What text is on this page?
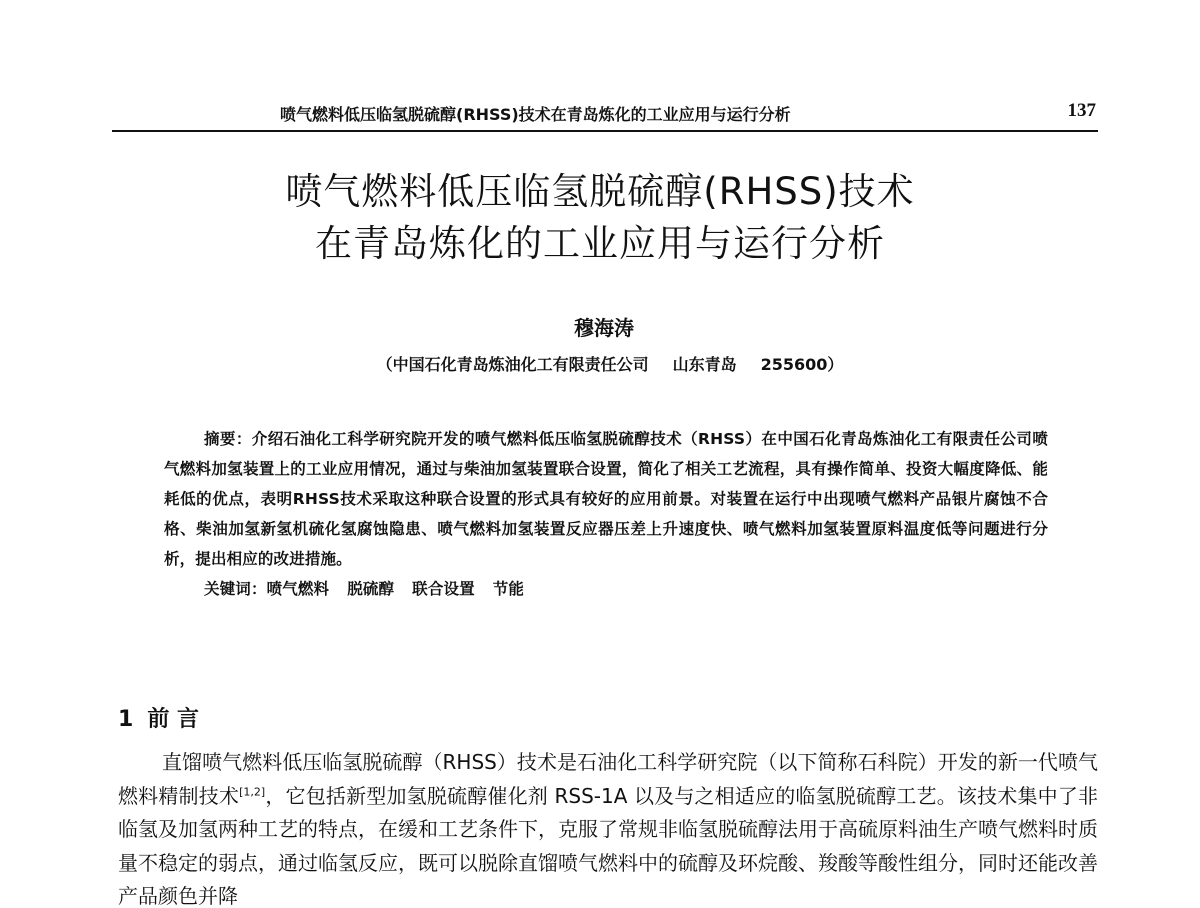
喷气燃料低压临氢脱硫醇(RHSS)技术在青岛炼化的工业应用与运行分析	137
喷气燃料低压临氢脱硫醇(RHSS)技术
在青岛炼化的工业应用与运行分析
穆海涛
（中国石化青岛炼油化工有限责任公司 山东青岛 255600）

摘要：介绍石油化工科学研究院开发的喷气燃料低压临氢脱硫醇技术（RHSS）在中国石化青岛炼油化工有限责任公司喷气燃料加氢装置上的工业应用情况，通过与柴油加氢装置联合设置，简化了相关工艺流程，具有操作简单、投资大幅度降低、能耗低的优点，表明RHSS技术采取这种联合设置的形式具有较好的应用前景。对装置在运行中出现喷气燃料产品银片腐蚀不合格、柴油加氢新氢机硫化氢腐蚀隐患、喷气燃料加氢装置反应器压差上升速度快、喷气燃料加氢装置原料温度低等问题进行分析，提出相应的改进措施。

关键词：喷气燃料 脱硫醇 联合设置 节能
1 前 言

直馏喷气燃料低压临氢脱硫醇（RHSS）技术是石油化工科学研究院（以下简称石科院）开发的新一代喷气燃料精制技术[1,2]，它包括新型加氢脱硫醇催化剂 RSS-1A 以及与之相适应的临氢脱硫醇工艺。该技术集中了非临氢及加氢两种工艺的特点，在缓和工艺条件下，克服了常规非临氢脱硫醇法用于高硫原料油生产喷气燃料时质量不稳定的弱点，通过临氢反应，既可以脱除直馏喷气燃料中的硫醇及环烷酸、羧酸等酸性组分，同时还能改善产品颜色并降
